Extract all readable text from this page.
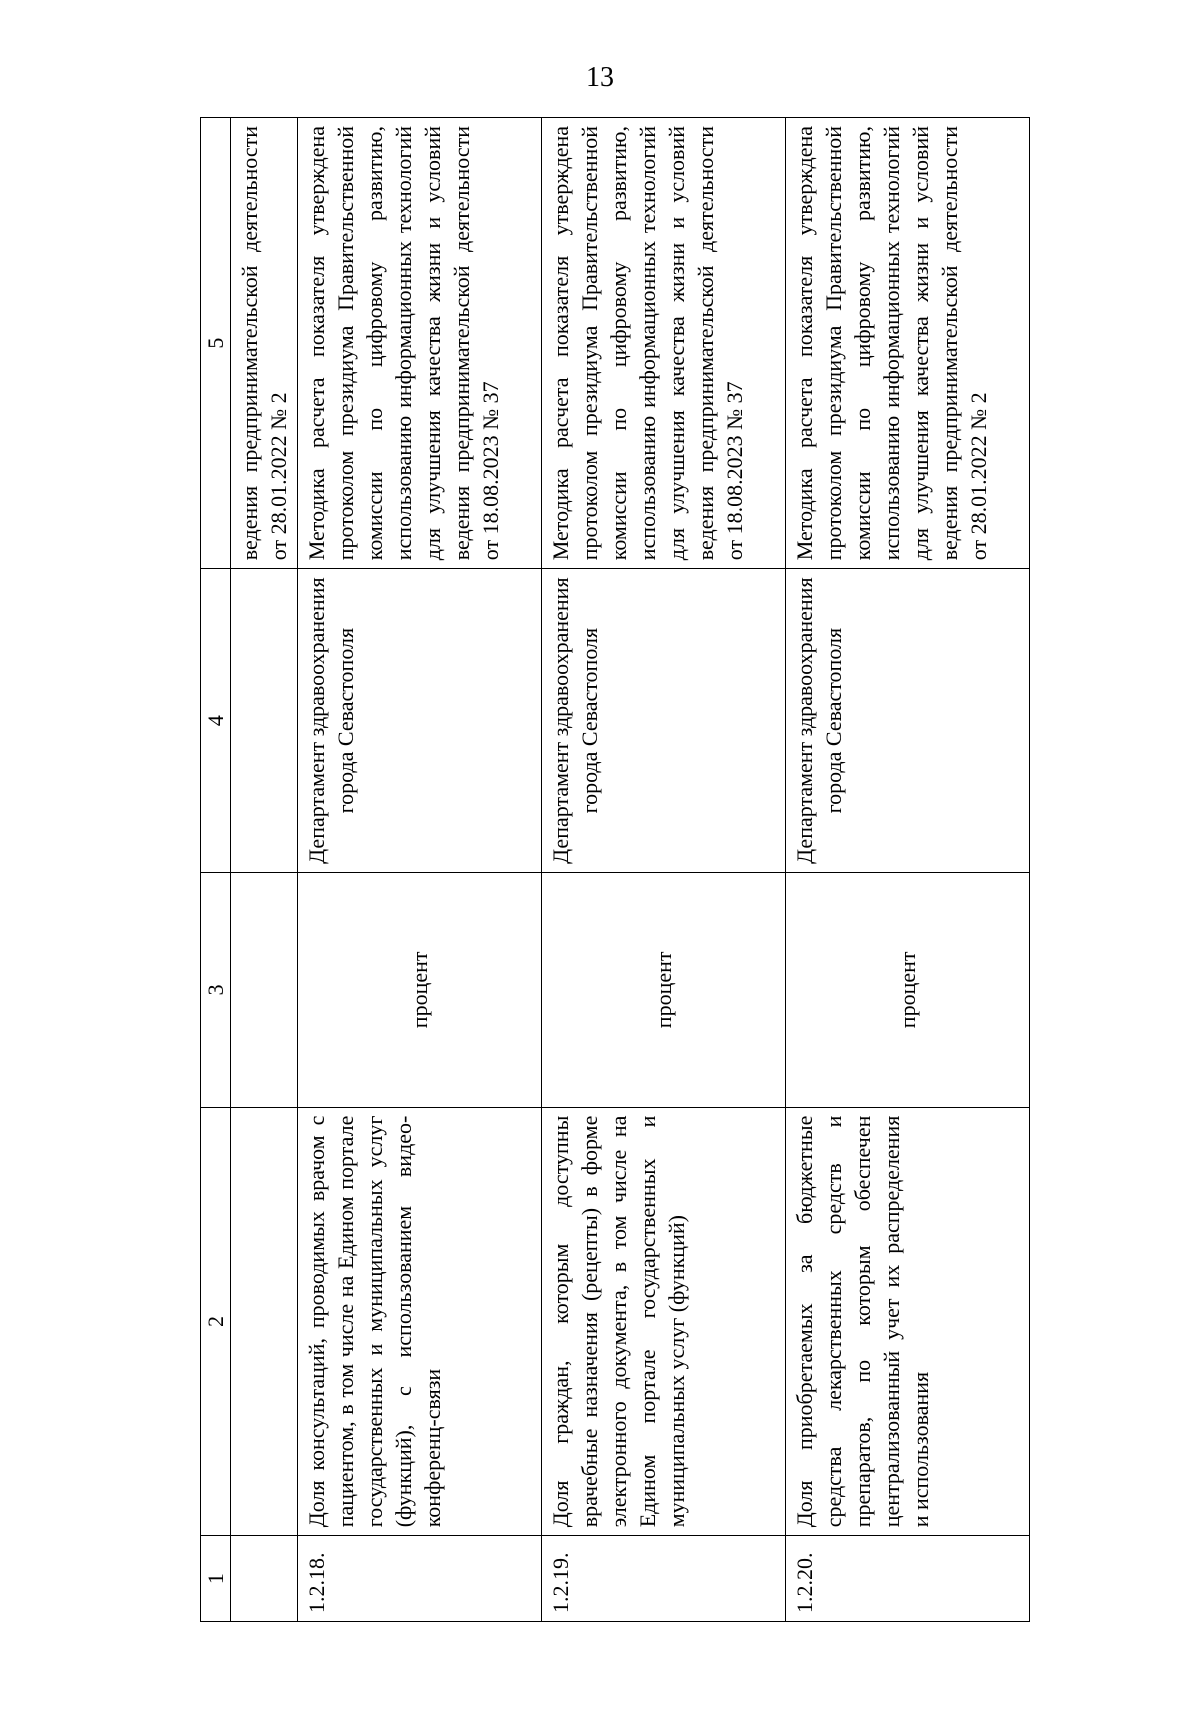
13
1	2	3	4	5
				ведения предпринимательской деятельности от 28.01.2022 № 2
1.2.18.	Доля консультаций, проводимых врачом с пациентом, в том числе на Едином портале государственных и муниципальных услуг (функций), с использованием видео-конференц-связи	процент	Департамент здравоохранения города Севастополя	Методика расчета показателя утверждена протоколом президиума Правительственной комиссии по цифровому развитию, использованию информационных технологий для улучшения качества жизни и условий ведения предпринимательской деятельности от 18.08.2023 № 37
1.2.19.	Доля граждан, которым доступны врачебные назначения (рецепты) в форме электронного документа, в том числе на Едином портале государственных и муниципальных услуг (функций)	процент	Департамент здравоохранения города Севастополя	Методика расчета показателя утверждена протоколом президиума Правительственной комиссии по цифровому развитию, использованию информационных технологий для улучшения качества жизни и условий ведения предпринимательской деятельности от 18.08.2023 № 37
1.2.20.	Доля приобретаемых за бюджетные средства лекарственных средств и препаратов, по которым обеспечен централизованный учет их распределения и использования	процент	Департамент здравоохранения города Севастополя	Методика расчета показателя утверждена протоколом президиума Правительственной комиссии по цифровому развитию, использованию информационных технологий для улучшения качества жизни и условий ведения предпринимательской деятельности от 28.01.2022 № 2
